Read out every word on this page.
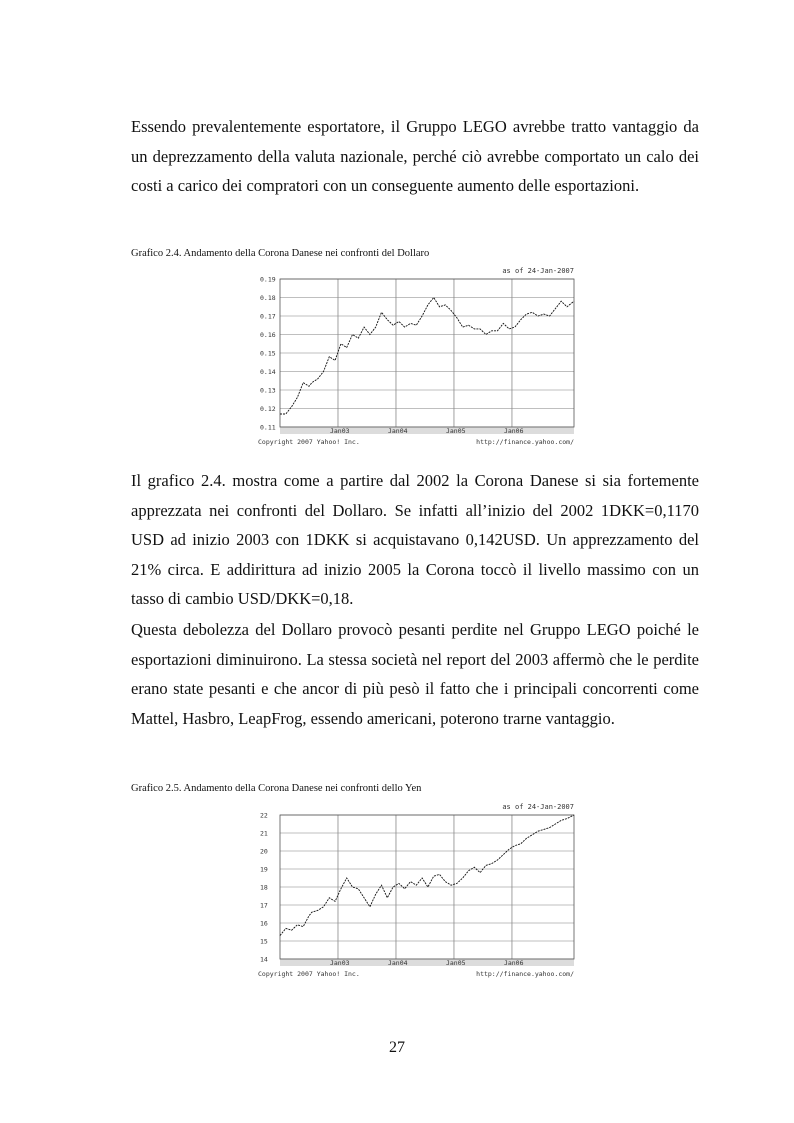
Essendo prevalentemente esportatore, il Gruppo LEGO avrebbe tratto vantaggio da un deprezzamento della valuta nazionale, perché ciò avrebbe comportato un calo dei costi a carico dei compratori con un conseguente aumento delle esportazioni.

Grafico 2.4. Andamento della Corona Danese nei confronti del Dollaro

as of 24-Jan-2007
0.19
0.18
0.17
0.16
0.15
0.14
0.13
0.12
0.11	Jan03	Jan04	Jan05	Jan06
Copyright 2007 Yahoo! Inc.	http://finance.yahoo.com/

Il grafico 2.4. mostra come a partire dal 2002 la Corona Danese si sia fortemente apprezzata nei confronti del Dollaro. Se infatti all’inizio del 2002 1DKK=0,1170 USD ad inizio 2003 con 1DKK si acquistavano 0,142USD. Un apprezzamento del 21% circa. E addirittura ad inizio 2005 la Corona toccò il livello massimo con un tasso di cambio USD/DKK=0,18.

Questa debolezza del Dollaro provocò pesanti perdite nel Gruppo LEGO poiché le esportazioni diminuirono. La stessa società nel report del 2003 affermò che le perdite erano state pesanti e che ancor di più pesò il fatto che i principali concorrenti come Mattel, Hasbro, LeapFrog, essendo americani, poterono trarne vantaggio.

Grafico 2.5. Andamento della Corona Danese nei confronti dello Yen

as of 24-Jan-2007
22
21
20
19
18
17
16
15
14	Jan03	Jan04	Jan05	Jan06
Copyright 2007 Yahoo! Inc.	http://finance.yahoo.com/
27
